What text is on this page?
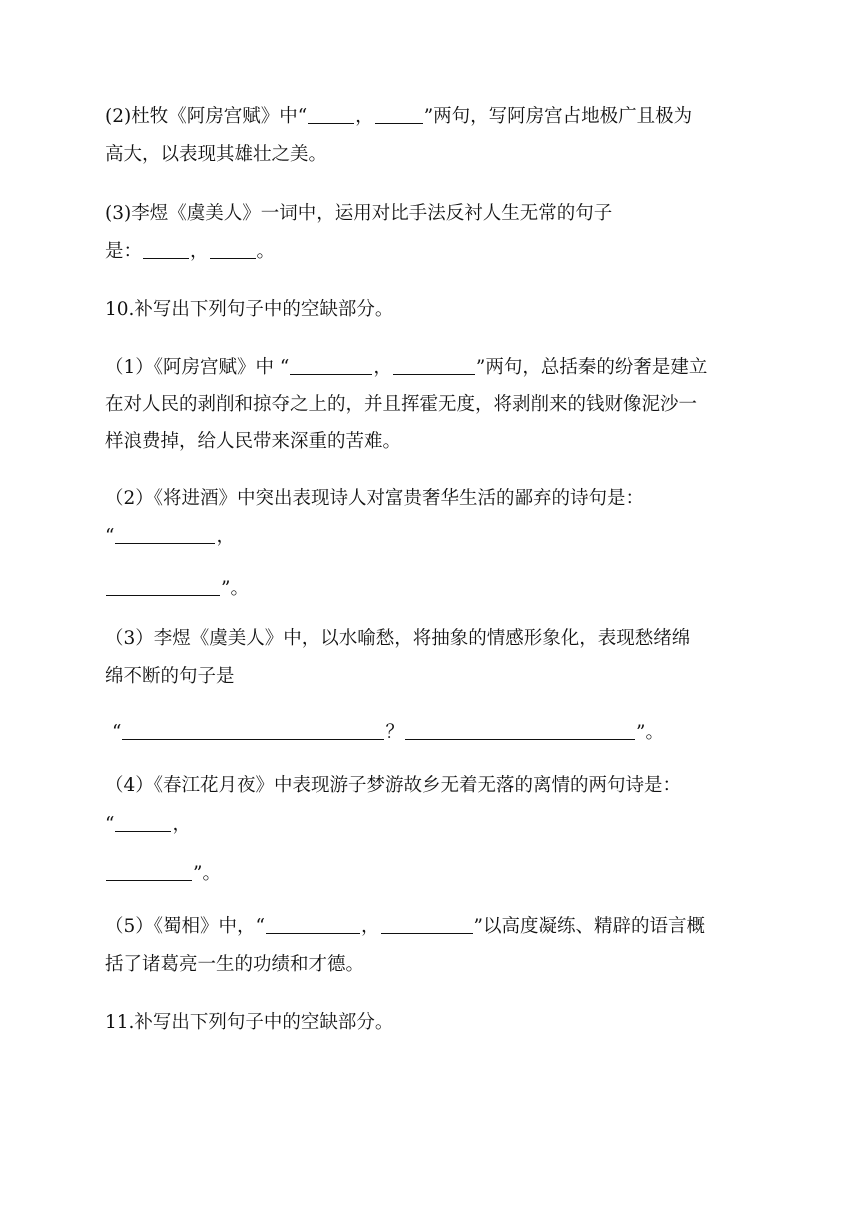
(2)杜牧《阿房宫赋》中“	，	”两句，写阿房宫占地极广且极为
高大，以表现其雄壮之美。
(3)李煜《虞美人》一词中，运用对比手法反衬人生无常的句子
是：	，	。
10.补写出下列句子中的空缺部分。
（1）《阿房宫赋》中 “	，	”两句，总括秦的纷奢是建立
在对人民的剥削和掠夺之上的，并且挥霍无度，将剥削来的钱财像泥沙一
样浪费掉，给人民带来深重的苦难。
（2）《将进酒》中突出表现诗人对富贵奢华生活的鄙弃的诗句是：
“	，
”。
（3）李煜《虞美人》中，以水喻愁，将抽象的情感形象化，表现愁绪绵
绵不断的句子是
“	？	”。
（4）《春江花月夜》中表现游子梦游故乡无着无落的离情的两句诗是：
“	，
”。
（5）《蜀相》中，“	，	”以高度凝练、精辟的语言概
括了诸葛亮一生的功绩和才德。
11.补写出下列句子中的空缺部分。
